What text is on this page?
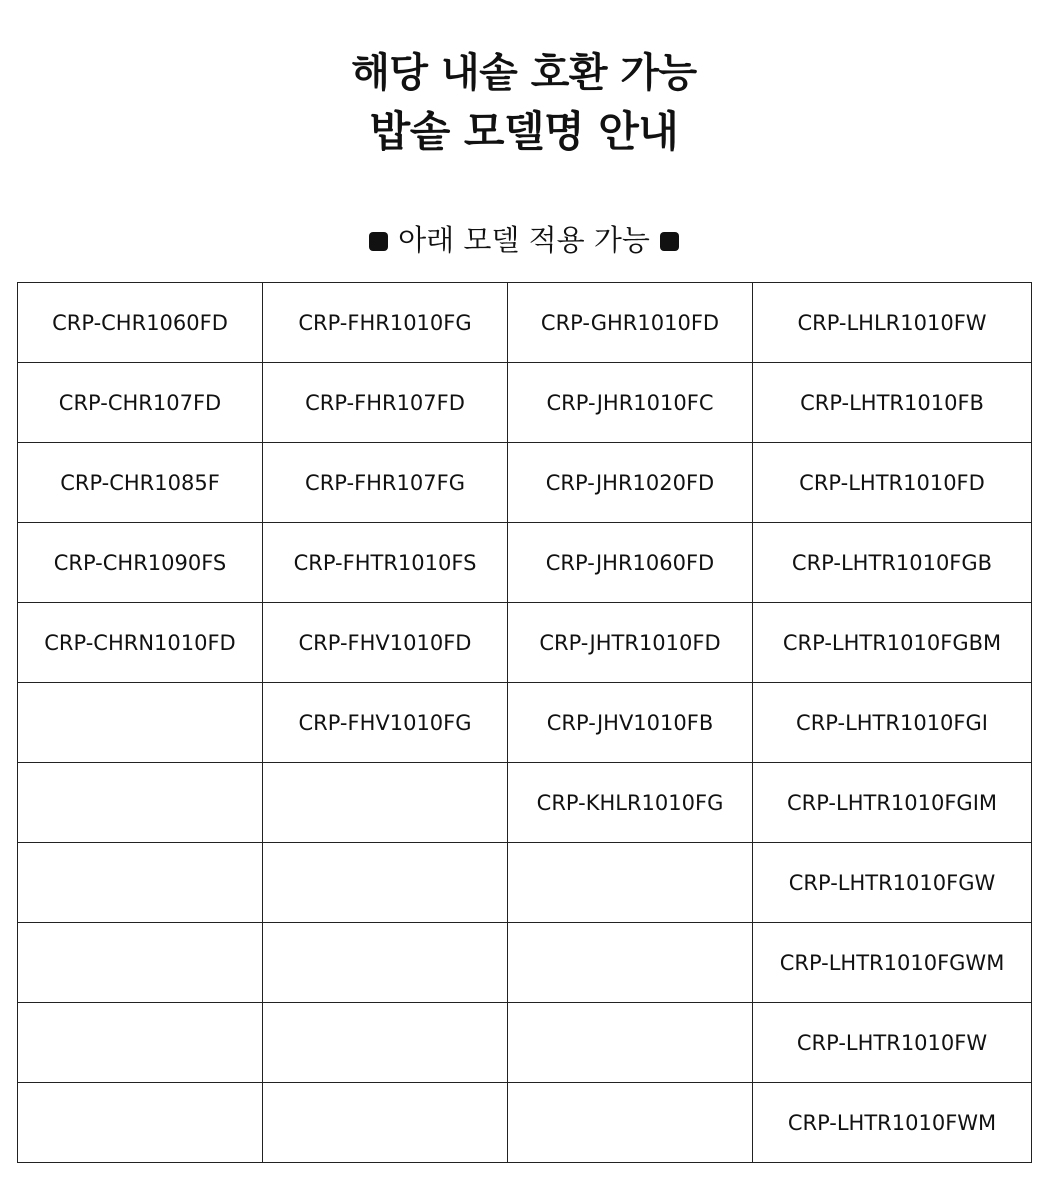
해당 내솥 호환 가능
밥솥 모델명 안내
아래 모델 적용 가능
CRP-CHR1060FD	CRP-FHR1010FG	CRP-GHR1010FD	CRP-LHLR1010FW
CRP-CHR107FD	CRP-FHR107FD	CRP-JHR1010FC	CRP-LHTR1010FB
CRP-CHR1085F	CRP-FHR107FG	CRP-JHR1020FD	CRP-LHTR1010FD
CRP-CHR1090FS	CRP-FHTR1010FS	CRP-JHR1060FD	CRP-LHTR1010FGB
CRP-CHRN1010FD	CRP-FHV1010FD	CRP-JHTR1010FD	CRP-LHTR1010FGBM
	CRP-FHV1010FG	CRP-JHV1010FB	CRP-LHTR1010FGI
		CRP-KHLR1010FG	CRP-LHTR1010FGIM
			CRP-LHTR1010FGW
			CRP-LHTR1010FGWM
			CRP-LHTR1010FW
			CRP-LHTR1010FWM
